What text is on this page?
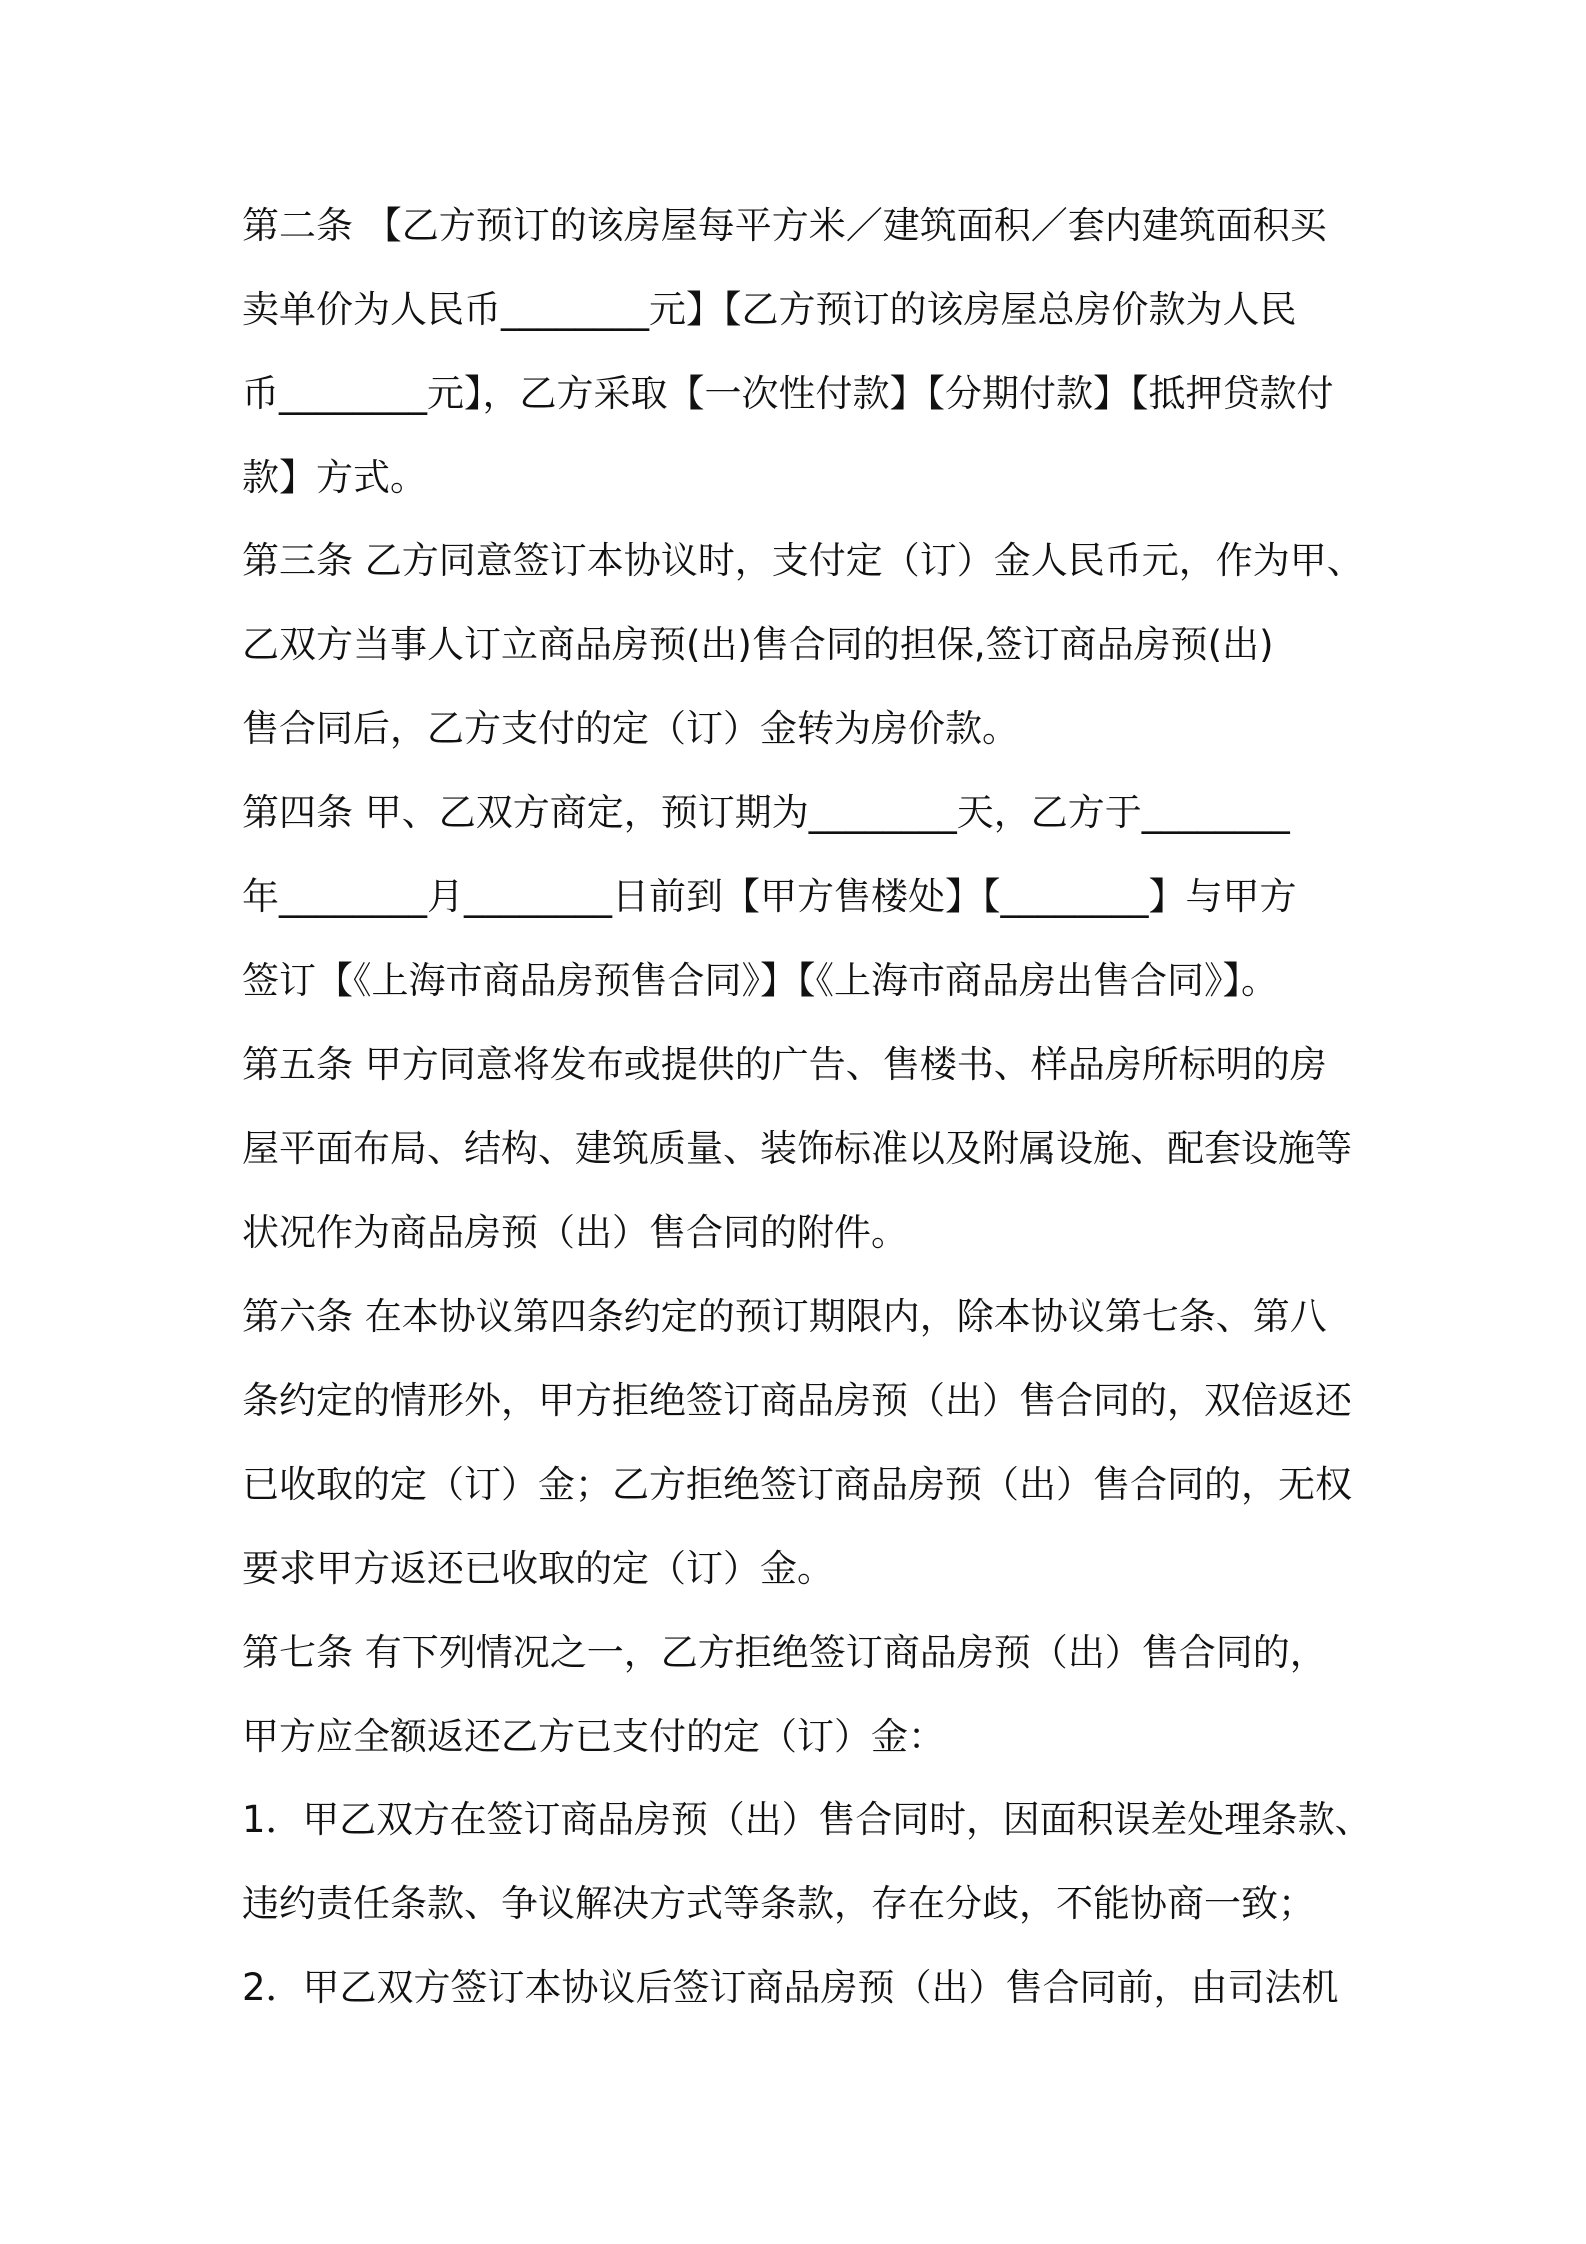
第二条 【乙方预订的该房屋每平方米／建筑面积／套内建筑面积买
卖单价为人民币________元】【乙方预订的该房屋总房价款为人民
币________元】，乙方采取【一次性付款】【分期付款】【抵押贷款付
款】方式。
第三条 乙方同意签订本协议时，支付定（订）金人民币元，作为甲、
乙双方当事人订立商品房预(出)售合同的担保,签订商品房预(出)
售合同后，乙方支付的定（订）金转为房价款。
第四条 甲、乙双方商定，预订期为________天，乙方于________
年________月________日前到【甲方售楼处】【________】与甲方
签订【《上海市商品房预售合同》】【《上海市商品房出售合同》】。
第五条 甲方同意将发布或提供的广告、售楼书、样品房所标明的房
屋平面布局、结构、建筑质量、装饰标准以及附属设施、配套设施等
状况作为商品房预（出）售合同的附件。
第六条 在本协议第四条约定的预订期限内，除本协议第七条、第八
条约定的情形外，甲方拒绝签订商品房预（出）售合同的，双倍返还
已收取的定（订）金；乙方拒绝签订商品房预（出）售合同的，无权
要求甲方返还已收取的定（订）金。
第七条 有下列情况之一，乙方拒绝签订商品房预（出）售合同的，
甲方应全额返还乙方已支付的定（订）金：
1．甲乙双方在签订商品房预（出）售合同时，因面积误差处理条款、
违约责任条款、争议解决方式等条款，存在分歧，不能协商一致；
2．甲乙双方签订本协议后签订商品房预（出）售合同前，由司法机
